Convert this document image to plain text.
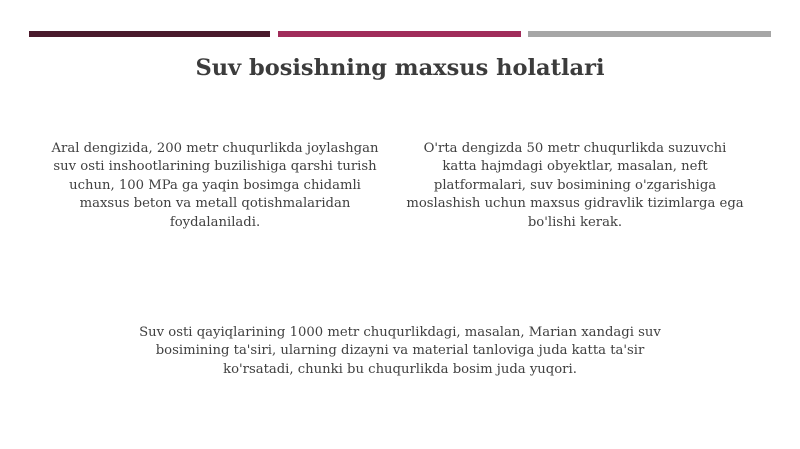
Suv bosishning maxsus holatlari

Aral dengizida, 200 metr chuqurlikda joylashgan suv osti inshootlarining buzilishiga qarshi turish uchun, 100 MPa ga yaqin bosimga chidamli maxsus beton va metall qotishmalaridan foydalaniladi.

O'rta dengizda 50 metr chuqurlikda suzuvchi katta hajmdagi obyektlar, masalan, neft platformalari, suv bosimining o'zgarishiga moslashish uchun maxsus gidravlik tizimlarga ega bo'lishi kerak.

Suv osti qayiqlarining 1000 metr chuqurlikdagi, masalan, Marian xandagi suv bosimining ta'siri, ularning dizayni va material tanloviga juda katta ta'sir ko'rsatadi, chunki bu chuqurlikda bosim juda yuqori.
